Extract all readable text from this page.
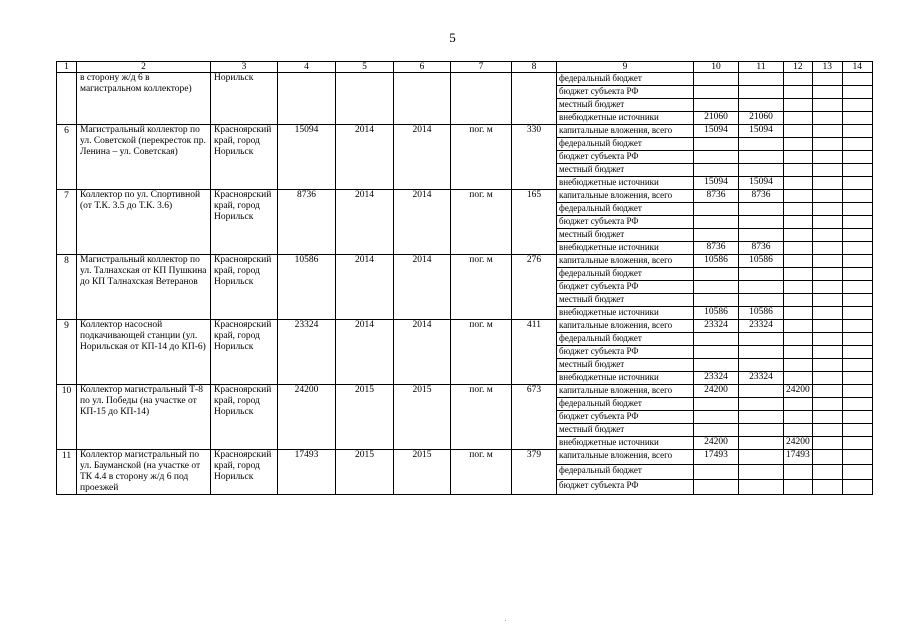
5
1	2	3	4	5	6	7	8	9	10	11	12	13	14
	в сторону ж/д 6 в магистральном коллекторе)	Норильск						федеральный бюджет					
								бюджет субъекта РФ					
								местный бюджет					
								внебюджетные источники	21060	21060			
6	Магистральный коллектор по ул. Советской (перекресток пр. Ленина – ул. Советская)	Красноярский край, город Норильск	15094	2014	2014	пог. м	330	капитальные вложения, всего	15094	15094			
								федеральный бюджет					
								бюджет субъекта РФ					
								местный бюджет					
								внебюджетные источники	15094	15094			
7	Коллектор по ул. Спортивной (от Т.К. 3.5 до Т.К. 3.6)	Красноярский край, город Норильск	8736	2014	2014	пог. м	165	капитальные вложения, всего	8736	8736			
								федеральный бюджет					
								бюджет субъекта РФ					
								местный бюджет					
								внебюджетные источники	8736	8736			
8	Магистральный коллектор по ул. Талнахская от КП Пушкина до КП Талнахская Ветеранов	Красноярский край, город Норильск	10586	2014	2014	пог. м	276	капитальные вложения, всего	10586	10586			
								федеральный бюджет					
								бюджет субъекта РФ					
								местный бюджет					
								внебюджетные источники	10586	10586			
9	Коллектор насосной подкачивающей станции (ул. Норильская от КП-14 до КП-6)	Красноярский край, город Норильск	23324	2014	2014	пог. м	411	капитальные вложения, всего	23324	23324			
								федеральный бюджет					
								бюджет субъекта РФ					
								местный бюджет					
								внебюджетные источники	23324	23324			
10	Коллектор магистральный Т-8 по ул. Победы (на участке от КП-15 до КП-14)	Красноярский край, город Норильск	24200	2015	2015	пог. м	673	капитальные вложения, всего	24200		24200		
								федеральный бюджет					
								бюджет субъекта РФ					
								местный бюджет					
								внебюджетные источники	24200		24200		
11	Коллектор магистральный по ул. Бауманской (на участке от ТК 4.4 в сторону ж/д 6 под проезжей	Красноярский край, город Норильск	17493	2015	2015	пог. м	379	капитальные вложения, всего	17493		17493		
								федеральный бюджет					
								бюджет субъекта РФ					
